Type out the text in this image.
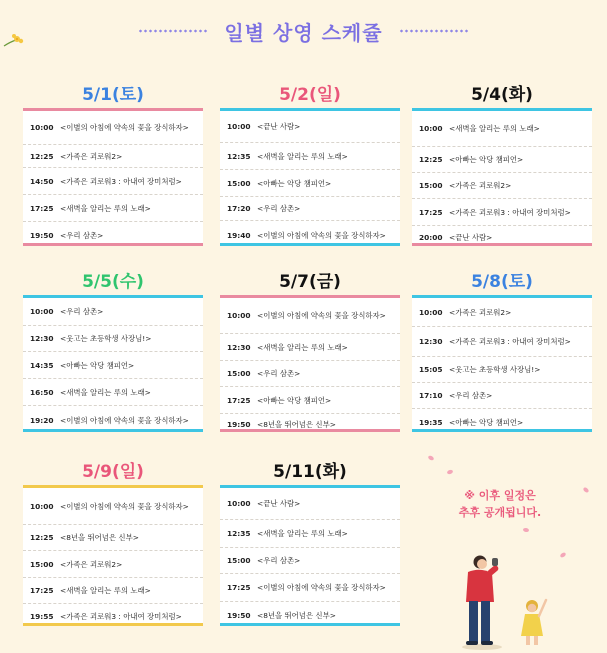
일별 상영 스케쥴
5/1(토)
10:00 <이별의 아침에 약속의 꽃을 장식하자>
12:25 <가족은 괴로워2>
14:50 <가족은 괴로워3 : 아내여 장미처럼>
17:25 <새벽을 알리는 루의 노래>
19:50 <우리 삼촌>
5/2(일)
10:00 <끝난 사람>
12:35 <새벽을 알리는 루의 노래>
15:00 <아빠는 악당 챔피언>
17:20 <우리 삼촌>
19:40 <이별의 아침에 약속의 꽃을 장식하자>
5/4(화)
10:00 <새벽을 알리는 루의 노래>
12:25 <아빠는 악당 챔피언>
15:00 <가족은 괴로워2>
17:25 <가족은 괴로워3 : 아내여 장미처럼>
20:00 <끝난 사람>
5/5(수)
10:00 <우리 삼촌>
12:30 <웃고는 초등학생 사장님!>
14:35 <아빠는 악당 챔피언>
16:50 <새벽을 알리는 루의 노래>
19:20 <이별의 아침에 약속의 꽃을 장식하자>
5/7(금)
10:00 <이별의 아침에 약속의 꽃을 장식하자>
12:30 <새벽을 알리는 루의 노래>
15:00 <우리 삼촌>
17:25 <아빠는 악당 챔피언>
19:50 <8년을 뛰어넘은 신부>
5/8(토)
10:00 <가족은 괴로워2>
12:30 <가족은 괴로워3 : 아내여 장미처럼>
15:05 <웃고는 초등학생 사장님!>
17:10 <우리 삼촌>
19:35 <아빠는 악당 챔피언>
5/9(일)
10:00 <이별의 아침에 약속의 꽃을 장식하자>
12:25 <8년을 뛰어넘은 신부>
15:00 <가족은 괴로워2>
17:25 <새벽을 알리는 루의 노래>
19:55 <가족은 괴로워3 : 아내여 장미처럼>
5/11(화)
10:00 <끝난 사람>
12:35 <새벽을 알리는 루의 노래>
15:00 <우리 삼촌>
17:25 <이별의 아침에 약속의 꽃을 장식하자>
19:50 <8년을 뛰어넘은 신부>
※ 이후 일정은
추후 공개됩니다.
